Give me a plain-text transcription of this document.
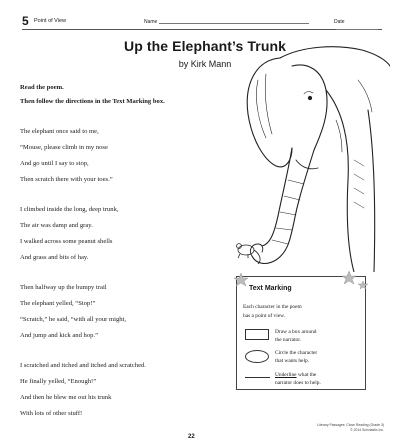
5 Point of View	Name	Date
Up the Elephant’s Trunk
by Kirk Mann
Read the poem.
Then follow the directions in the Text Marking box.
The elephant once said to me,
“Mouse, please climb in my nose
And go until I say to stop,
Then scratch there with your toes.”
I climbed inside the long, deep trunk,
The air was damp and gray.
I walked across some peanut shells
And grass and bits of hay.
Then halfway up the bumpy trail
The elephant yelled, “Stop!”
“Scratch,” he said, “with all your might,
And jump and kick and hop.”
I scratched and itched and itched and scratched.
He finally yelled, “Enough!”
And then he blew me out his trunk
With lots of other stuff!
Text Marking
Each character in the poem
has a point of view.
Draw a box around
the narrator.
Circle the character
that wants help.
Underline what the
narrator does to help.
22
Literary Passages: Close Reading (Grade 3)
© 2014 Scholastic Inc.
